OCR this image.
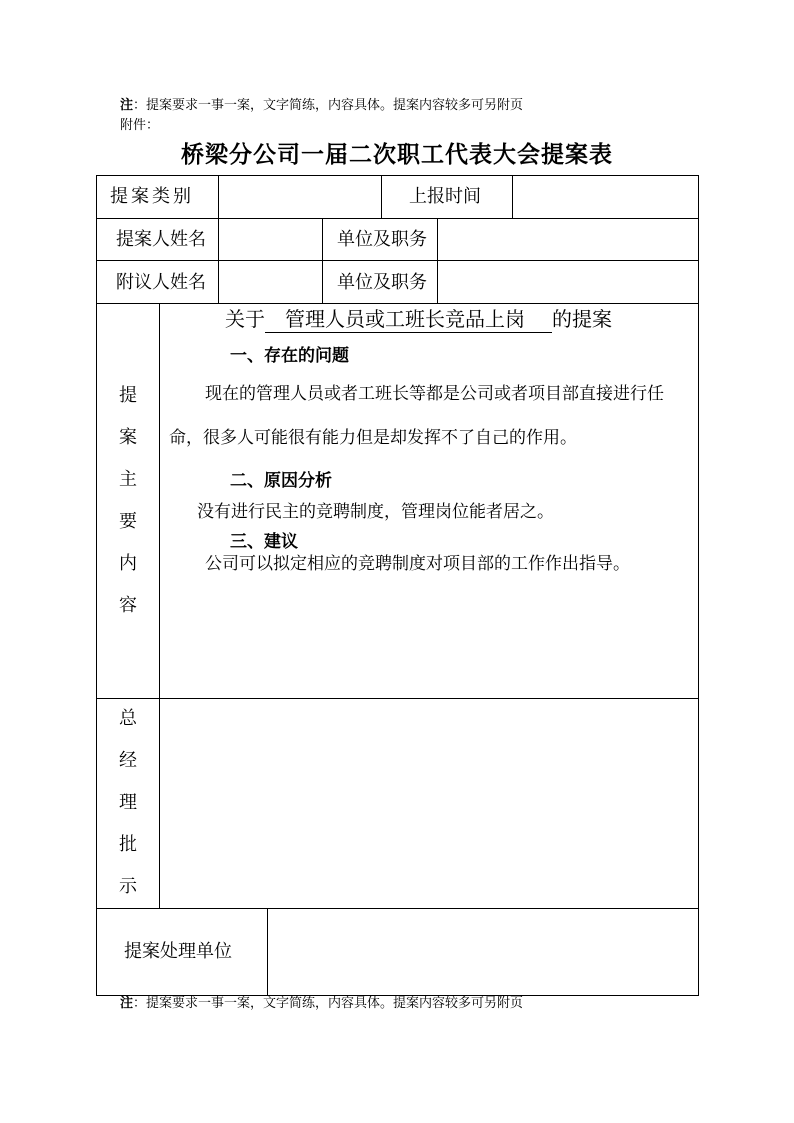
注：提案要求一事一案，文字简练，内容具体。提案内容较多可另附页
附件：
桥梁分公司一届二次职工代表大会提案表
提案类别	上报时间
提案人姓名	单位及职务
附议人姓名	单位及职务
提
案
主
要
内
容
关于 管理人员或工班长竞品上岗 的提案
一、存在的问题
现在的管理人员或者工班长等都是公司或者项目部直接进行任命，很多人可能很有能力但是却发挥不了自己的作用。
二、原因分析
没有进行民主的竞聘制度，管理岗位能者居之。
三、建议
公司可以拟定相应的竞聘制度对项目部的工作作出指导。
总
经
理
批
示
提案处理单位
注：提案要求一事一案，文字简练，内容具体。提案内容较多可另附页
